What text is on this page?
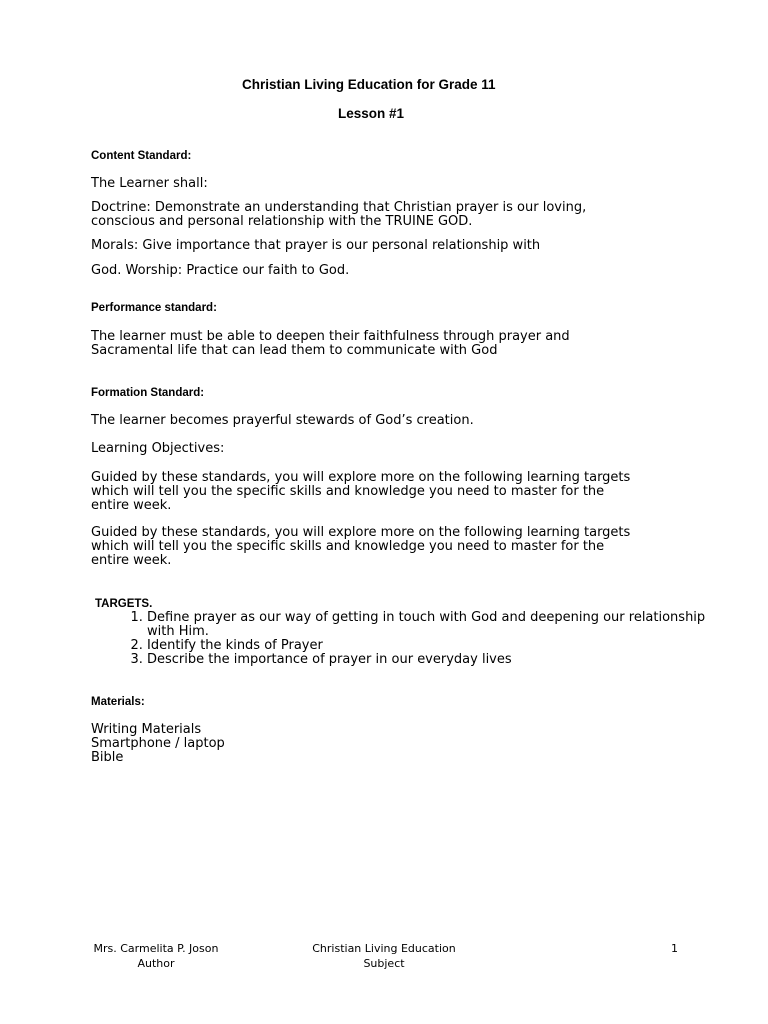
Christian Living Education for Grade 11
Lesson #1
Content Standard:
The Learner shall:
Doctrine: Demonstrate an understanding that Christian prayer is our loving,
conscious and personal relationship with the TRUINE GOD.
Morals: Give importance that prayer is our personal relationship with
God. Worship: Practice our faith to God.
Performance standard:
The learner must be able to deepen their faithfulness through prayer and
Sacramental life that can lead them to communicate with God
Formation Standard:
The learner becomes prayerful stewards of God’s creation.
Learning Objectives:
Guided by these standards, you will explore more on the following learning targets
which will tell you the specific skills and knowledge you need to master for the
entire week.
Guided by these standards, you will explore more on the following learning targets
which will tell you the specific skills and knowledge you need to master for the
entire week.
TARGETS.
1. Define prayer as our way of getting in touch with God and deepening our relationship with Him.
2. Identify the kinds of Prayer
3. Describe the importance of prayer in our everyday lives
Materials:
Writing Materials
Smartphone / laptop
Bible
Mrs. Carmelita P. Joson
Author
Christian Living Education
Subject
1
